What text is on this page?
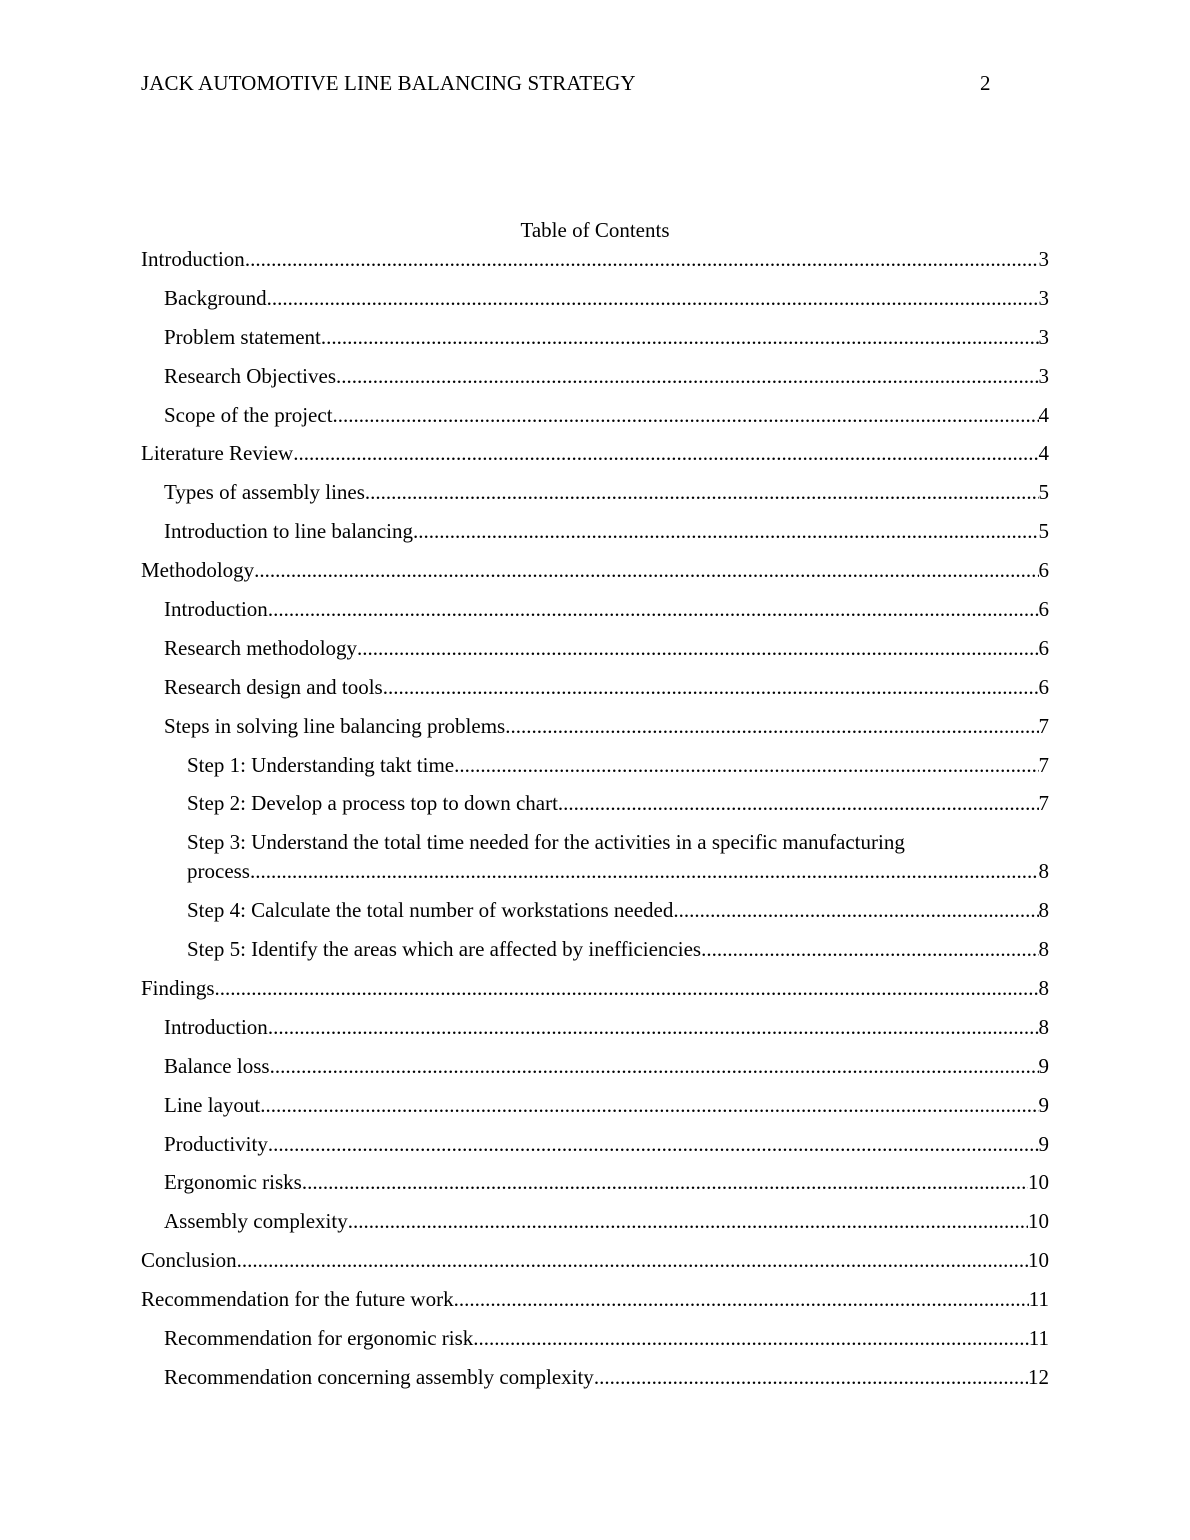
JACK AUTOMOTIVE LINE BALANCING STRATEGY	2
Table of Contents
Introduction .....	3
Background .....	3
Problem statement .....	3
Research Objectives .....	3
Scope of the project .....	4
Literature Review .....	4
Types of assembly lines .....	5
Introduction to line balancing .....	5
Methodology .....	6
Introduction .....	6
Research methodology .....	6
Research design and tools .....	6
Steps in solving line balancing problems .....	7
Step 1: Understanding takt time .....	7
Step 2: Develop a process top to down chart .....	7
Step 3: Understand the total time needed for the activities in a specific manufacturing
process .....	8
Step 4: Calculate the total number of workstations needed .....	8
Step 5: Identify the areas which are affected by inefficiencies .....	8
Findings .....	8
Introduction .....	8
Balance loss .....	9
Line layout .....	9
Productivity .....	9
Ergonomic risks .....	10
Assembly complexity .....	10
Conclusion .....	10
Recommendation for the future work .....	11
Recommendation for ergonomic risk .....	11
Recommendation concerning assembly complexity .....	12
